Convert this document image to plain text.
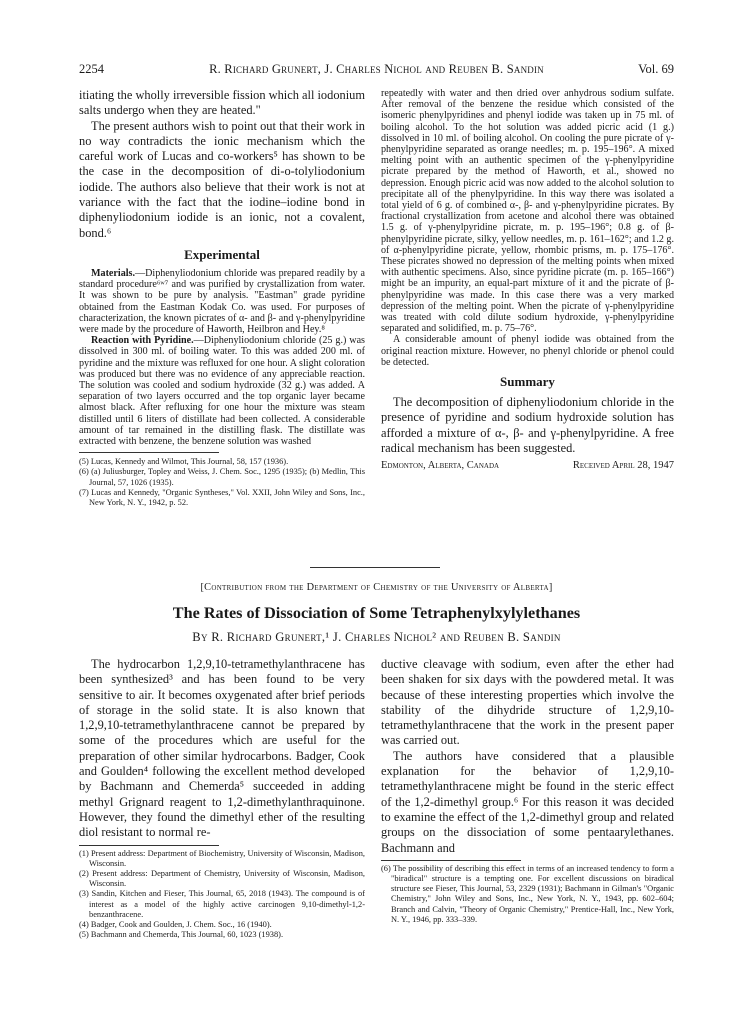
2254	R. Richard Grunert, J. Charles Nichol and Reuben B. Sandin	Vol. 69

itiating the wholly irreversible fission which all iodonium salts undergo when they are heated."

The present authors wish to point out that their work in no way contradicts the ionic mechanism which the careful work of Lucas and co-workers⁵ has shown to be the case in the decomposition of di-o-tolyliodonium iodide. The authors also believe that their work is not at variance with the fact that the iodine–iodine bond in diphenyliodonium iodide is an ionic, not a covalent, bond.⁶

Experimental

Materials.—Diphenyliodonium chloride was prepared readily by a standard procedure⁶ʷ⁷ and was purified by crystallization from water. It was shown to be pure by analysis. "Eastman" grade pyridine obtained from the Eastman Kodak Co. was used. For purposes of characterization, the known picrates of α- and β- and γ-phenylpyridine were made by the procedure of Haworth, Heilbron and Hey.⁸

Reaction with Pyridine.—Diphenyliodonium chloride (25 g.) was dissolved in 300 ml. of boiling water. To this was added 200 ml. of pyridine and the mixture was refluxed for one hour. A slight coloration was produced but there was no evidence of any appreciable reaction. The solution was cooled and sodium hydroxide (32 g.) was added. A separation of two layers occurred and the top organic layer became almost black. After refluxing for one hour the mixture was steam distilled until 6 liters of distillate had been collected. A considerable amount of tar remained in the distilling flask. The distillate was extracted with benzene, the benzene solution was washed

(5) Lucas, Kennedy and Wilmot, This Journal, 58, 157 (1936).

(6) (a) Juliusburger, Topley and Weiss, J. Chem. Soc., 1295 (1935); (b) Medlin, This Journal, 57, 1026 (1935).

(7) Lucas and Kennedy, "Organic Syntheses," Vol. XXII, John Wiley and Sons, Inc., New York, N. Y., 1942, p. 52.

repeatedly with water and then dried over anhydrous sodium sulfate. After removal of the benzene the residue which consisted of the isomeric phenylpyridines and phenyl iodide was taken up in 75 ml. of boiling alcohol. To the hot solution was added picric acid (1 g.) dissolved in 10 ml. of boiling alcohol. On cooling the pure picrate of γ-phenylpyridine separated as orange needles; m. p. 195–196°. A mixed melting point with an authentic specimen of the γ-phenylpyridine picrate prepared by the method of Haworth, et al., showed no depression. Enough picric acid was now added to the alcohol solution to precipitate all of the phenylpyridine. In this way there was isolated a total yield of 6 g. of combined α-, β- and γ-phenylpyridine picrates. By fractional crystallization from acetone and alcohol there was obtained 1.5 g. of γ-phenylpyridine picrate, m. p. 195–196°; 0.8 g. of β-phenylpyridine picrate, silky, yellow needles, m. p. 161–162°; and 1.2 g. of α-phenylpyridine picrate, yellow, rhombic prisms, m. p. 175–176°. These picrates showed no depression of the melting points when mixed with authentic specimens. Also, since pyridine picrate (m. p. 165–166°) might be an impurity, an equal-part mixture of it and the picrate of β-phenylpyridine was made. In this case there was a very marked depression of the melting point. When the picrate of γ-phenylpyridine was treated with cold dilute sodium hydroxide, γ-phenylpyridine separated and solidified, m. p. 75–76°.

A considerable amount of phenyl iodide was obtained from the original reaction mixture. However, no phenyl chloride or phenol could be detected.

Summary

The decomposition of diphenyliodonium chloride in the presence of pyridine and sodium hydroxide solution has afforded a mixture of α-, β- and γ-phenylpyridine. A free radical mechanism has been suggested.

Edmonton, Alberta, Canada	Received April 28, 1947
[Contribution from the Department of Chemistry of the University of Alberta]
The Rates of Dissociation of Some Tetraphenylxylylethanes
By R. Richard Grunert,¹ J. Charles Nichol² and Reuben B. Sandin

The hydrocarbon 1,2,9,10-tetramethylanthracene has been synthesized³ and has been found to be very sensitive to air. It becomes oxygenated after brief periods of storage in the solid state. It is also known that 1,2,9,10-tetramethylanthracene cannot be prepared by some of the procedures which are useful for the preparation of other similar hydrocarbons. Badger, Cook and Goulden⁴ following the excellent method developed by Bachmann and Chemerda⁵ succeeded in adding methyl Grignard reagent to 1,2-dimethylanthraquinone. However, they found the dimethyl ether of the resulting diol resistant to normal re-

(1) Present address: Department of Biochemistry, University of Wisconsin, Madison, Wisconsin.

(2) Present address: Department of Chemistry, University of Wisconsin, Madison, Wisconsin.

(3) Sandin, Kitchen and Fieser, This Journal, 65, 2018 (1943). The compound is of interest as a model of the highly active carcinogen 9,10-dimethyl-1,2-benzanthracene.

(4) Badger, Cook and Goulden, J. Chem. Soc., 16 (1940).

(5) Bachmann and Chemerda, This Journal, 60, 1023 (1938).

ductive cleavage with sodium, even after the ether had been shaken for six days with the powdered metal. It was because of these interesting properties which involve the stability of the dihydride structure of 1,2,9,10-tetramethylanthracene that the work in the present paper was carried out.

The authors have considered that a plausible explanation for the behavior of 1,2,9,10-tetramethylanthracene might be found in the steric effect of the 1,2-dimethyl group.⁶ For this reason it was decided to examine the effect of the 1,2-dimethyl group and related groups on the dissociation of some pentaarylethanes. Bachmann and

(6) The possibility of describing this effect in terms of an increased tendency to form a "biradical" structure is a tempting one. For excellent discussions on biradical structure see Fieser, This Journal, 53, 2329 (1931); Bachmann in Gilman's "Organic Chemistry," John Wiley and Sons, Inc., New York, N. Y., 1943, pp. 602–604; Branch and Calvin, "Theory of Organic Chemistry," Prentice-Hall, Inc., New York, N. Y., 1946, pp. 333–339.
